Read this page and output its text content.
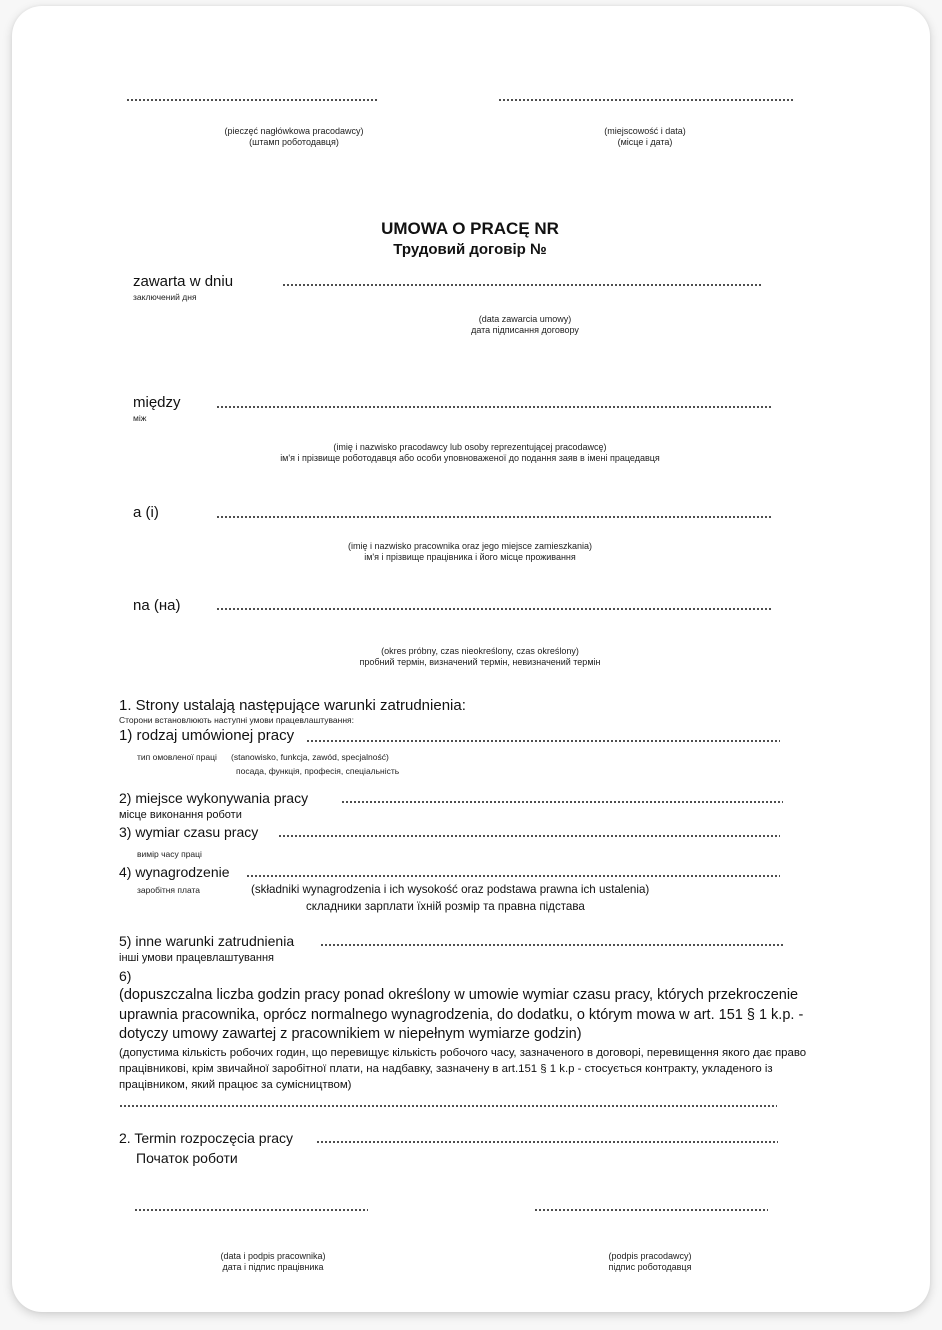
(pieczęć nagłówkowa pracodawcy)
(штамп роботодавця)
(miejscowość i data)
(місце і дата)
UMOWA O PRACĘ NR
Трудовий договір №
zawarta w dniu
заключений дня
(data zawarcia umowy)
дата підписання договору
między
між
(imię i nazwisko pracodawcy lub osoby reprezentującej pracodawcę)
ім'я і прізвище роботодавця або особи уповноваженої до подання заяв в імені працедавця
a (i)
(imię i nazwisko pracownika oraz jego miejsce zamieszkania)
ім'я і прізвище працівника і його місце проживання
na (на)
(okres próbny, czas nieokreślony, czas określony)
пробний термін, визначений термін, невизначений термін
1. Strony ustalają następujące warunki zatrudnienia:
Сторони встановлюють наступні умови працевлаштування:
1) rodzaj umówionej pracy
тип омовленої праці (stanowisko, funkcja, zawód, specjalność)
посада, функція, професія, спеціальність
2) miejsce wykonywania pracy
місце виконання роботи
3) wymiar czasu pracy
вимір часу праці
4) wynagrodzenie
заробітня плата	(składniki wynagrodzenia i ich wysokość oraz podstawa prawna ich ustalenia)
складники зарплати їхній розмір та правна підстава
5) inne warunki zatrudnienia
інші умови працевлаштування
6)
(dopuszczalna liczba godzin pracy ponad określony w umowie wymiar czasu pracy, których przekroczenie uprawnia pracownika, oprócz normalnego wynagrodzenia, do dodatku, o którym mowa w art. 151 § 1 k.p. - dotyczy umowy zawartej z pracownikiem w niepełnym wymiarze godzin)
(допустима кількість робочих годин, що перевищує кількість робочого часу, зазначеного в договорі, перевищення якого дає право працівникові, крім звичайної заробітної плати, на надбавку, зазначену в art.151 § 1 k.p - стосується контракту, укладеного із працівником, який працює за сумісництвом)
2. Termin rozpoczęcia pracy
Початок роботи
(data i podpis pracownika)
дата і підпис працівника
(podpis pracodawcy)
підпис роботодавця
